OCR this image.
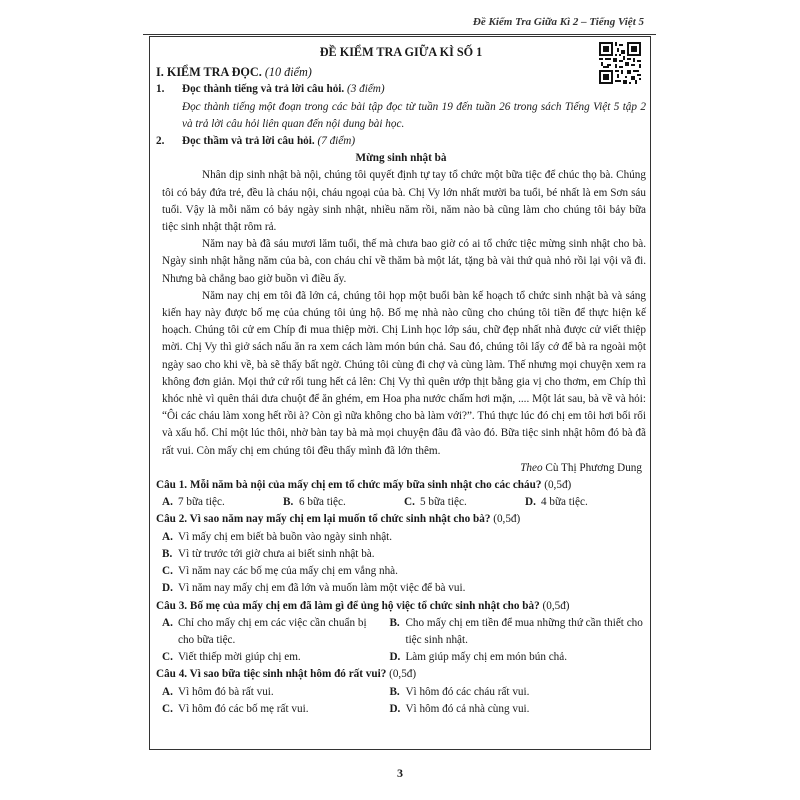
Đề Kiểm Tra Giữa Kì 2 – Tiếng Việt 5
ĐỀ KIỂM TRA GIỮA KÌ SỐ 1
I. KIỂM TRA ĐỌC. (10 điểm)
1.	Đọc thành tiếng và trả lời câu hỏi. (3 điểm)
Đọc thành tiếng một đoạn trong các bài tập đọc từ tuần 19 đến tuần 26 trong sách Tiếng Việt 5 tập 2 và trả lời câu hỏi liên quan đến nội dung bài học.
2.	Đọc thầm và trả lời câu hỏi. (7 điểm)
Mừng sinh nhật bà
Nhân dịp sinh nhật bà nội, chúng tôi quyết định tự tay tổ chức một bữa tiệc để chúc thọ bà. Chúng tôi có bảy đứa trẻ, đều là cháu nội, cháu ngoại của bà. Chị Vy lớn nhất mười ba tuổi, bé nhất là em Sơn sáu tuổi. Vậy là mỗi năm có bảy ngày sinh nhật, nhiều năm rồi, năm nào bà cũng làm cho chúng tôi bảy bữa tiệc sinh nhật thật rôm rả.
Năm nay bà đã sáu mươi lăm tuổi, thế mà chưa bao giờ có ai tổ chức tiệc mừng sinh nhật cho bà. Ngày sinh nhật hằng năm của bà, con cháu chỉ về thăm bà một lát, tặng bà vài thứ quà nhỏ rồi lại vội vã đi. Nhưng bà chẳng bao giờ buồn vì điều ấy.
Năm nay chị em tôi đã lớn cả, chúng tôi họp một buổi bàn kế hoạch tổ chức sinh nhật bà và sáng kiến hay này được bố mẹ của chúng tôi ủng hộ. Bố mẹ nhà nào cũng cho chúng tôi tiền để thực hiện kế hoạch. Chúng tôi cử em Chíp đi mua thiệp mời. Chị Linh học lớp sáu, chữ đẹp nhất nhà được cử viết thiệp mời. Chị Vy thì giở sách nấu ăn ra xem cách làm món bún chả. Sau đó, chúng tôi lấy cớ để bà ra ngoài một ngày sao cho khi về, bà sẽ thấy bất ngờ. Chúng tôi cùng đi chợ và cùng làm. Thế nhưng mọi chuyện xem ra không đơn giản. Mọi thứ cứ rối tung hết cả lên: Chị Vy thì quên ướp thịt bằng gia vị cho thơm, em Chíp thì khóc nhè vì quên thái dưa chuột để ăn ghém, em Hoa pha nước chấm hơi mặn, .... Một lát sau, bà về và hỏi: “Ôi các cháu làm xong hết rồi à? Còn gì nữa không cho bà làm với?”. Thú thực lúc đó chị em tôi hơi bối rối và xấu hổ. Chỉ một lúc thôi, nhờ bàn tay bà mà mọi chuyện đâu đã vào đó. Bữa tiệc sinh nhật hôm đó bà đã rất vui. Còn mấy chị em chúng tôi đều thấy mình đã lớn thêm.
Theo Cù Thị Phương Dung
Câu 1. Mỗi năm bà nội của mấy chị em tổ chức mấy bữa sinh nhật cho các cháu? (0,5đ)
A. 7 bữa tiệc.	B. 6 bữa tiệc.	C. 5 bữa tiệc.	D. 4 bữa tiệc.
Câu 2. Vì sao năm nay mấy chị em lại muốn tổ chức sinh nhật cho bà? (0,5đ)
A. Vì mấy chị em biết bà buồn vào ngày sinh nhật.
B. Vì từ trước tới giờ chưa ai biết sinh nhật bà.
C. Vì năm nay các bố mẹ của mấy chị em vắng nhà.
D. Vì năm nay mấy chị em đã lớn và muốn làm một việc để bà vui.
Câu 3. Bố mẹ của mấy chị em đã làm gì để ủng hộ việc tổ chức sinh nhật cho bà? (0,5đ)
A. Chỉ cho mấy chị em các việc cần chuẩn bị cho bữa tiệc.
B. Cho mấy chị em tiền để mua những thứ cần thiết cho tiệc sinh nhật.
C. Viết thiếp mời giúp chị em.	D. Làm giúp mấy chị em món bún chả.
Câu 4. Vì sao bữa tiệc sinh nhật hôm đó rất vui? (0,5đ)
A. Vì hôm đó bà rất vui.	B. Vì hôm đó các cháu rất vui.
C. Vì hôm đó các bố mẹ rất vui.	D. Vì hôm đó cả nhà cùng vui.
3
